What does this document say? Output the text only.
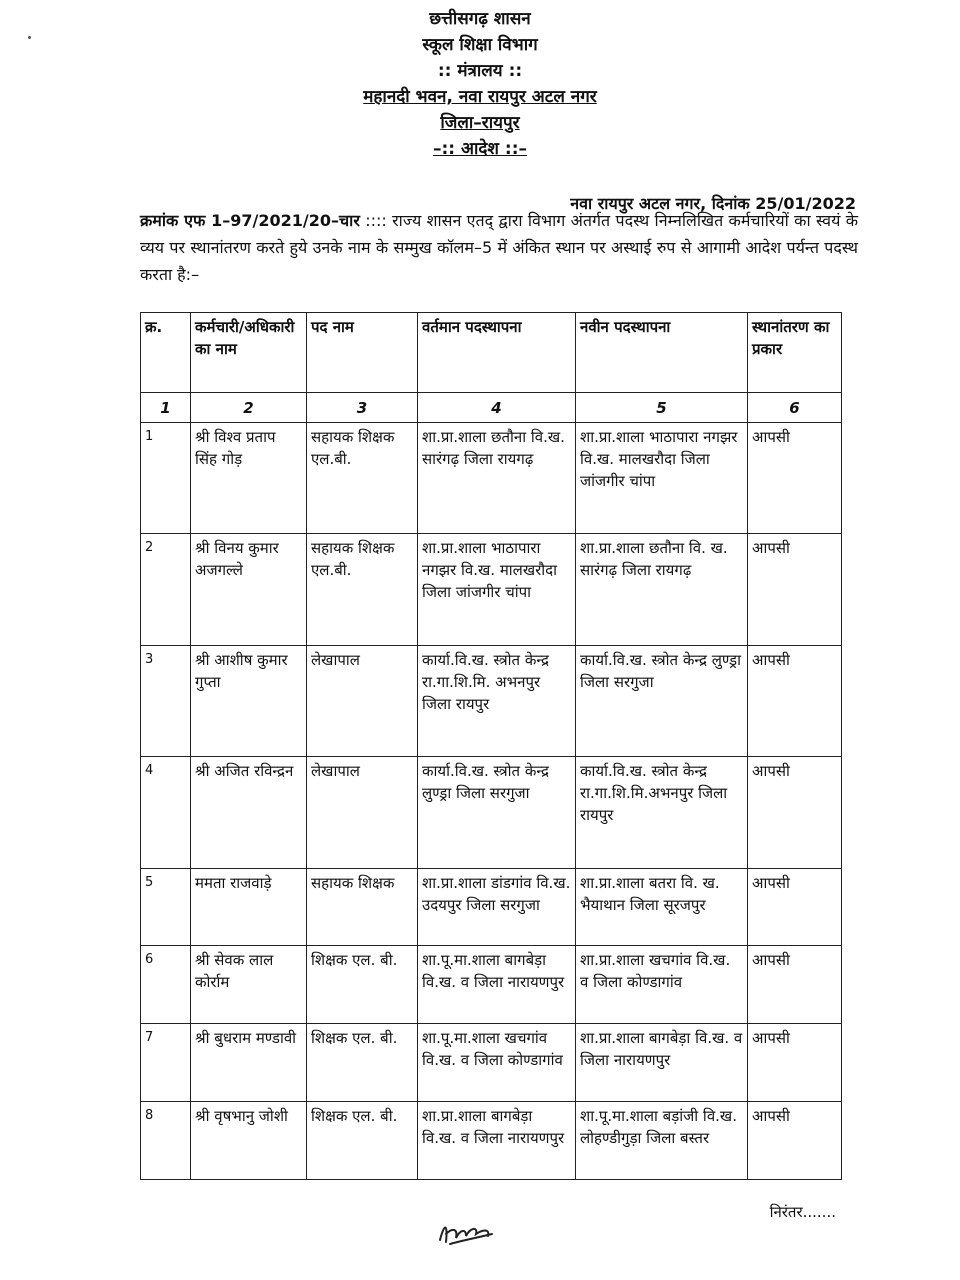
छत्तीसगढ़ शासन
स्कूल शिक्षा विभाग
:: मंत्रालय ::
महानदी भवन, नवा रायपुर अटल नगर
जिला–रायपुर
–:: आदेश ::–
नवा रायपुर अटल नगर, दिनांक 25/01/2022
क्रमांक एफ 1–97/2021/20–चार :::: राज्य शासन एतद् द्वारा विभाग अंतर्गत पदस्थ निम्नलिखित कर्मचारियों का स्वयं के व्यय पर स्थानांतरण करते हुये उनके नाम के सम्मुख कॉलम–5 में अंकित स्थान पर अस्थाई रुप से आगामी आदेश पर्यन्त पदस्थ करता है:–
क्र.	कर्मचारी/अधिकारी का नाम	पद नाम	वर्तमान पदस्थापना	नवीन पदस्थापना	स्थानांतरण का प्रकार
1	2	3	4	5	6
1	श्री विश्व प्रताप सिंह गोड़	सहायक शिक्षक एल.बी.	शा.प्रा.शाला छतौना वि.ख. सारंगढ़ जिला रायगढ़	शा.प्रा.शाला भाठापारा नगझर वि.ख. मालखरौदा जिला जांजगीर चांपा	आपसी
2	श्री विनय कुमार अजगल्ले	सहायक शिक्षक एल.बी.	शा.प्रा.शाला भाठापारा नगझर वि.ख. मालखरौदा जिला जांजगीर चांपा	शा.प्रा.शाला छतौना वि. ख. सारंगढ़ जिला रायगढ़	आपसी
3	श्री आशीष कुमार गुप्ता	लेखापाल	कार्या.वि.ख. स्त्रोत केन्द्र रा.गा.शि.मि. अभनपुर जिला रायपुर	कार्या.वि.ख. स्त्रोत केन्द्र लुण्ड्रा जिला सरगुजा	आपसी
4	श्री अजित रविन्द्रन	लेखापाल	कार्या.वि.ख. स्त्रोत केन्द्र लुण्ड्रा जिला सरगुजा	कार्या.वि.ख. स्त्रोत केन्द्र रा.गा.शि.मि.अभनपुर जिला रायपुर	आपसी
5	ममता राजवाड़े	सहायक शिक्षक	शा.प्रा.शाला डांडगांव वि.ख. उदयपुर जिला सरगुजा	शा.प्रा.शाला बतरा वि. ख. भैयाथान जिला सूरजपुर	आपसी
6	श्री सेवक लाल कोर्राम	शिक्षक एल. बी.	शा.पू.मा.शाला बागबेड़ा वि.ख. व जिला नारायणपुर	शा.प्रा.शाला खचगांव वि.ख. व जिला कोण्डागांव	आपसी
7	श्री बुधराम मण्डावी	शिक्षक एल. बी.	शा.पू.मा.शाला खचगांव वि.ख. व जिला कोण्डागांव	शा.प्रा.शाला बागबेड़ा वि.ख. व जिला नारायणपुर	आपसी
8	श्री वृषभानु जोशी	शिक्षक एल. बी.	शा.प्रा.शाला बागबेड़ा वि.ख. व जिला नारायणपुर	शा.पू.मा.शाला बड़ांजी वि.ख. लोहण्डीगुड़ा जिला बस्तर	आपसी
निरंतर.......
